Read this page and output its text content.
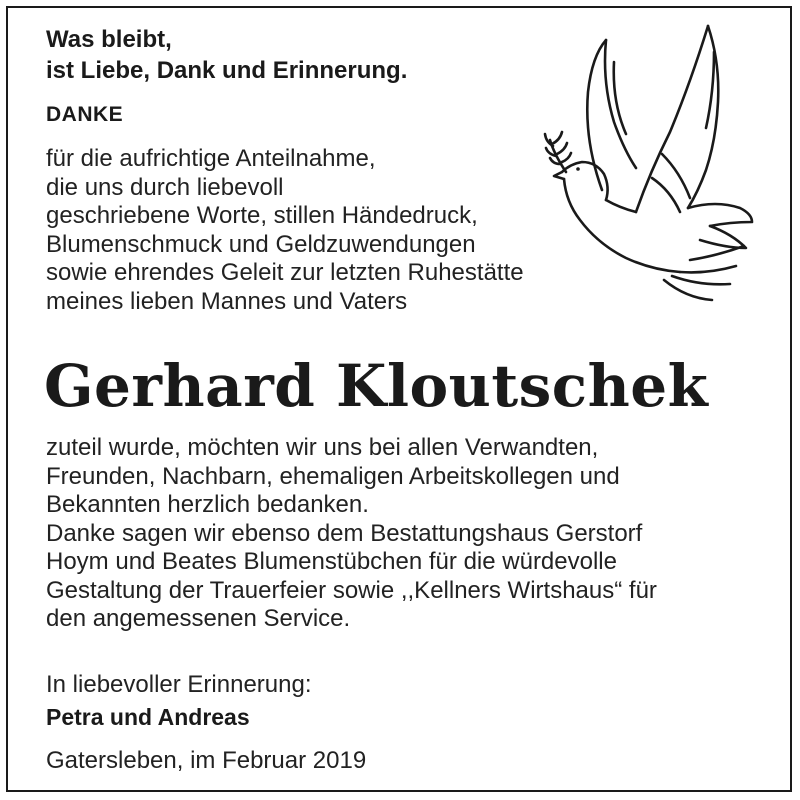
Was bleibt,
ist Liebe, Dank und Erinnerung.
DANKE
für die aufrichtige Anteilnahme,
die uns durch liebevoll
geschriebene Worte, stillen Händedruck,
Blumenschmuck und Geldzuwendungen
sowie ehrendes Geleit zur letzten Ruhestätte
meines lieben Mannes und Vaters
Gerhard Kloutschek
zuteil wurde, möchten wir uns bei allen Verwandten,
Freunden, Nachbarn, ehemaligen Arbeitskollegen und
Bekannten herzlich bedanken.
Danke sagen wir ebenso dem Bestattungshaus Gerstorf
Hoym und Beates Blumenstübchen für die würdevolle
Gestaltung der Trauerfeier sowie ,,Kellners Wirtshaus“ für
den angemessenen Service.
In liebevoller Erinnerung:
Petra und Andreas
Gatersleben, im Februar 2019
